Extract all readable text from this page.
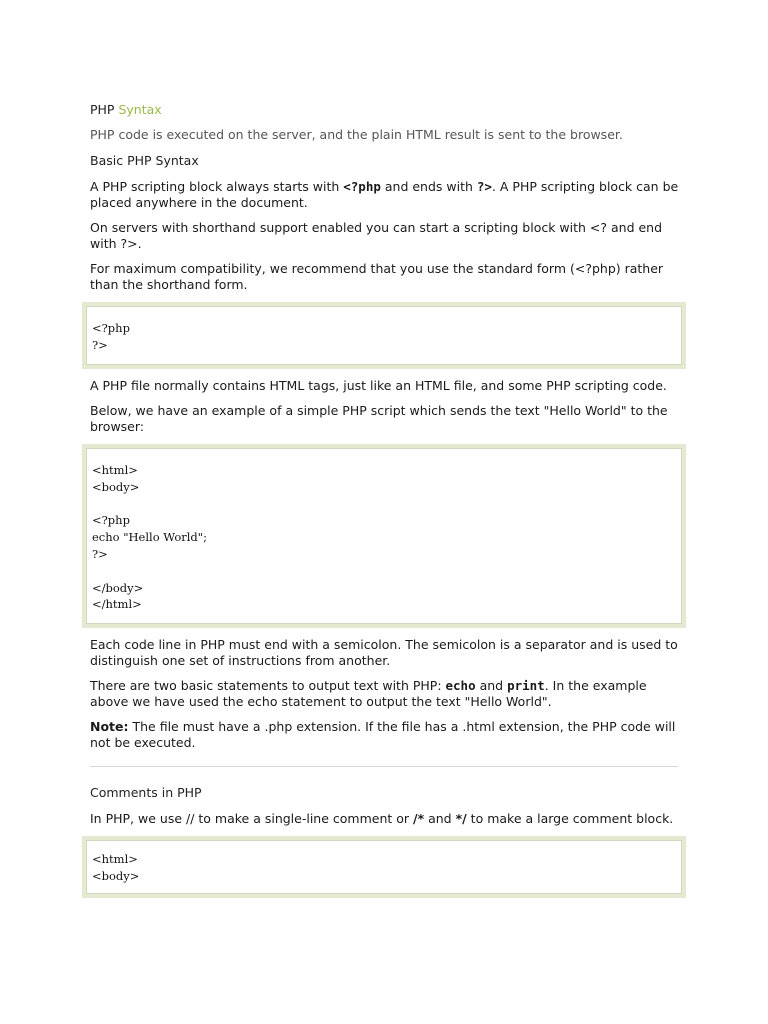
PHP Syntax
PHP code is executed on the server, and the plain HTML result is sent to the browser.
Basic PHP Syntax

A PHP scripting block always starts with <?php and ends with ?>. A PHP scripting block can be placed anywhere in the document.

On servers with shorthand support enabled you can start a scripting block with <? and end with ?>.

For maximum compatibility, we recommend that you use the standard form (<?php) rather than the shorthand form.

<?php
?>

A PHP file normally contains HTML tags, just like an HTML file, and some PHP scripting code.

Below, we have an example of a simple PHP script which sends the text "Hello World" to the browser:

<html>
<body>

<?php
echo "Hello World";
?>

</body>
</html>

Each code line in PHP must end with a semicolon. The semicolon is a separator and is used to distinguish one set of instructions from another.

There are two basic statements to output text with PHP: echo and print. In the example above we have used the echo statement to output the text "Hello World".

Note: The file must have a .php extension. If the file has a .html extension, the PHP code will not be executed.

Comments in PHP

In PHP, we use // to make a single-line comment or /* and */ to make a large comment block.

<html>
<body>
